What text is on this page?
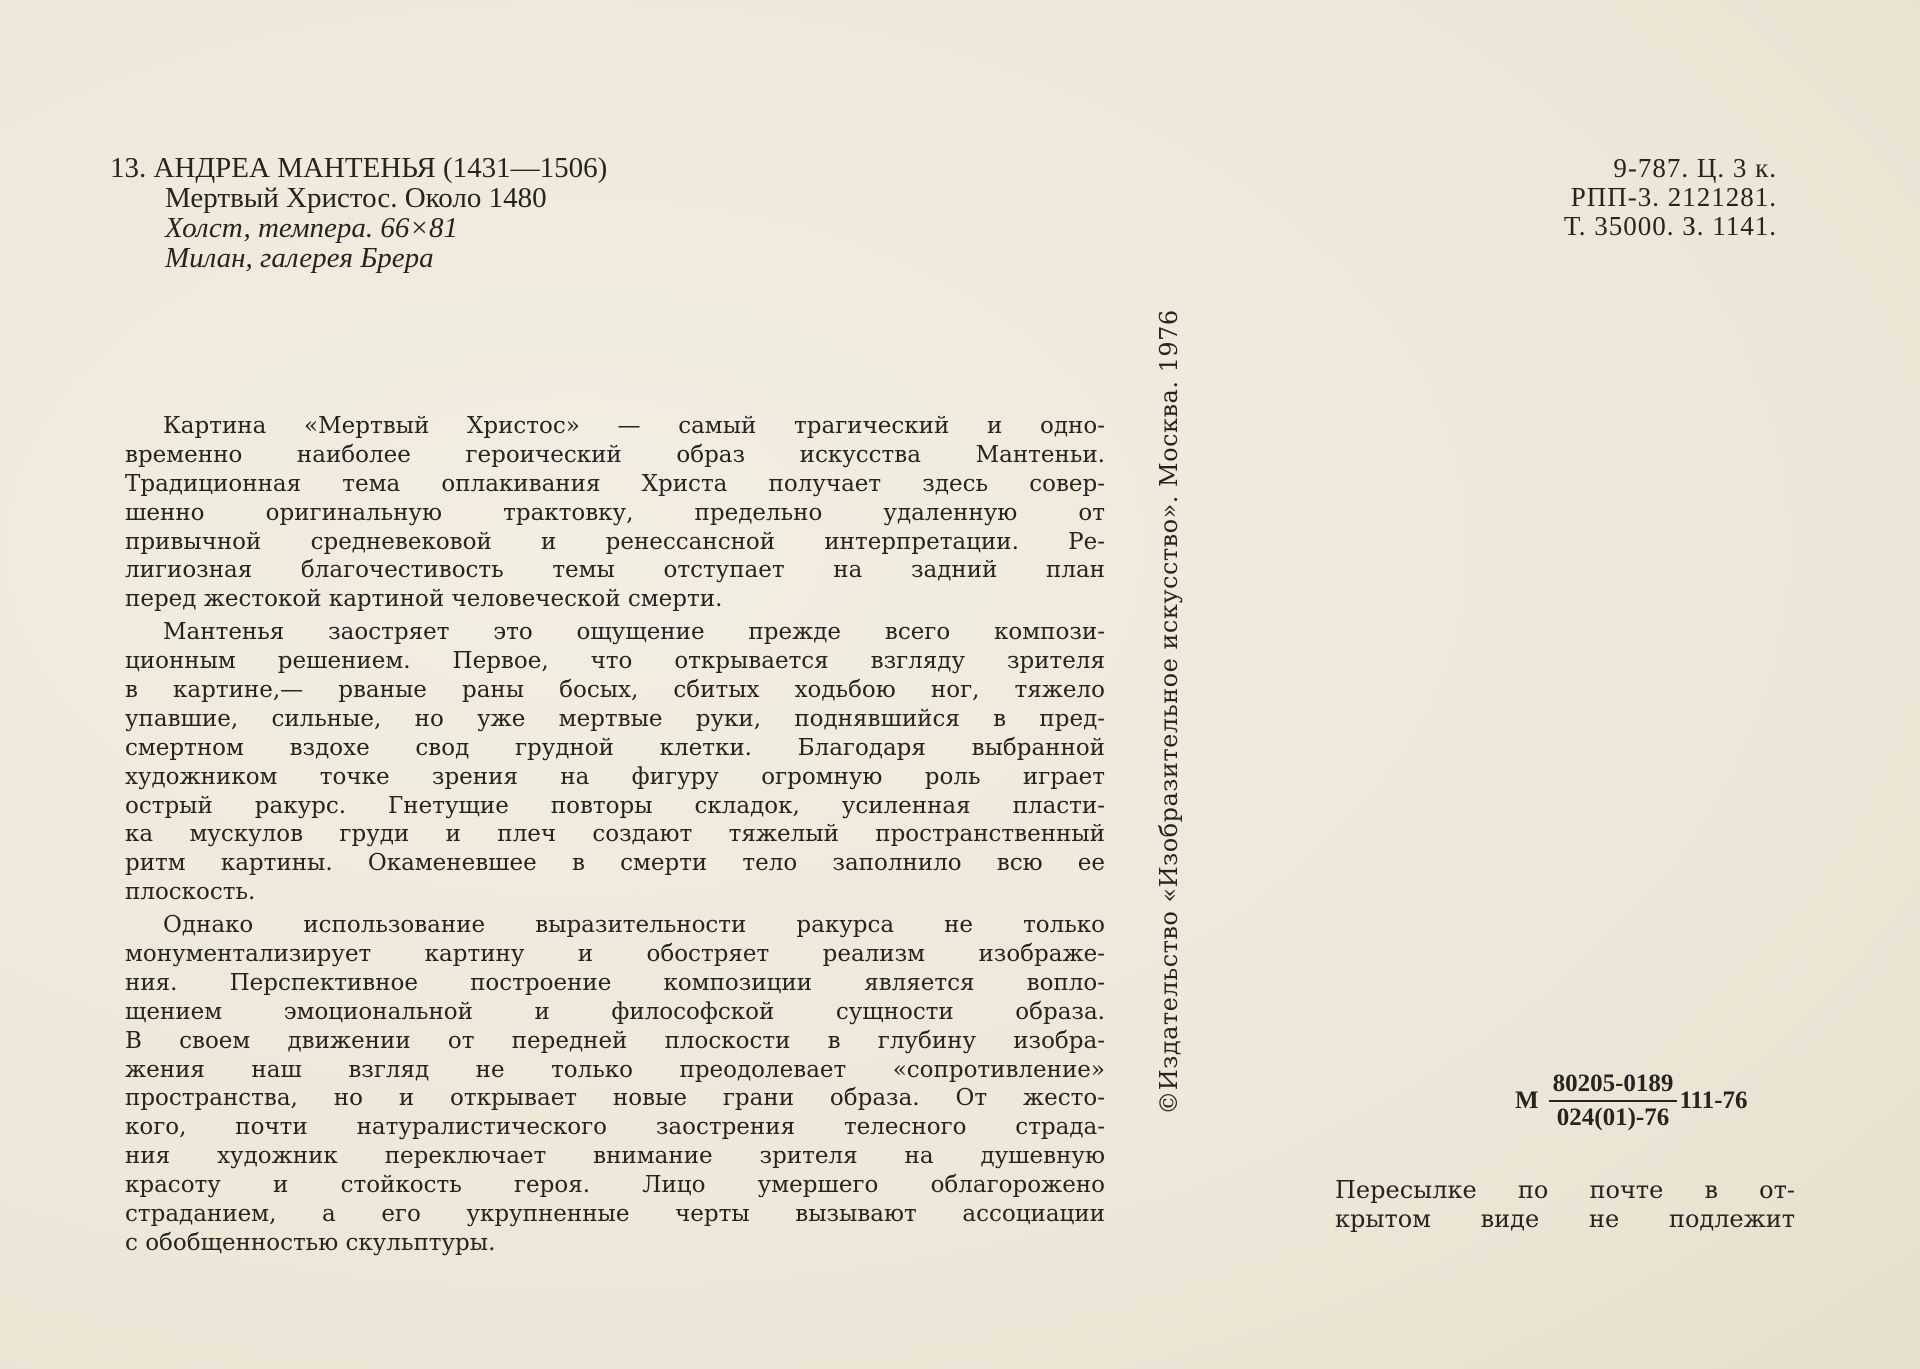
13. АНДРЕА МАНТЕНЬЯ (1431—1506)
Мертвый Христос. Около 1480
Холст, темпера. 66×81
Милан, галерея Брера
Картина «Мертвый Христос» — самый трагический и одно-
временно наиболее героический образ искусства Мантеньи.
Традиционная тема оплакивания Христа получает здесь совер-
шенно оригинальную трактовку, предельно удаленную от
привычной средневековой и ренессансной интерпретации. Ре-
лигиозная благочестивость темы отступает на задний план
перед жестокой картиной человеческой смерти.
Мантенья заостряет это ощущение прежде всего компози-
ционным решением. Первое, что открывается взгляду зрителя
в картине,— рваные раны босых, сбитых ходьбою ног, тяжело
упавшие, сильные, но уже мертвые руки, поднявшийся в пред-
смертном вздохе свод грудной клетки. Благодаря выбранной
художником точке зрения на фигуру огромную роль играет
острый ракурс. Гнетущие повторы складок, усиленная пласти-
ка мускулов груди и плеч создают тяжелый пространственный
ритм картины. Окаменевшее в смерти тело заполнило всю ее
плоскость.
Однако использование выразительности ракурса не только
монументализирует картину и обостряет реализм изображе-
ния. Перспективное построение композиции является вопло-
щением эмоциональной и философской сущности образа.
В своем движении от передней плоскости в глубину изобра-
жения наш взгляд не только преодолевает «сопротивление»
пространства, но и открывает новые грани образа. От жесто-
кого, почти натуралистического заострения телесного страда-
ния художник переключает внимание зрителя на душевную
красоту и стойкость героя. Лицо умершего облагорожено
страданием, а его укрупненные черты вызывают ассоциации
с обобщенностью скульптуры.
©Издательство «Изобразительное искусство». Москва. 1976
9-787. Ц. 3 к.
РПП-3. 2121281.
Т. 35000. З. 1141.
М $\frac{80205-0189}{024(01)-76} 111-76$
Пересылке по почте в от-
крытом виде не подлежит
